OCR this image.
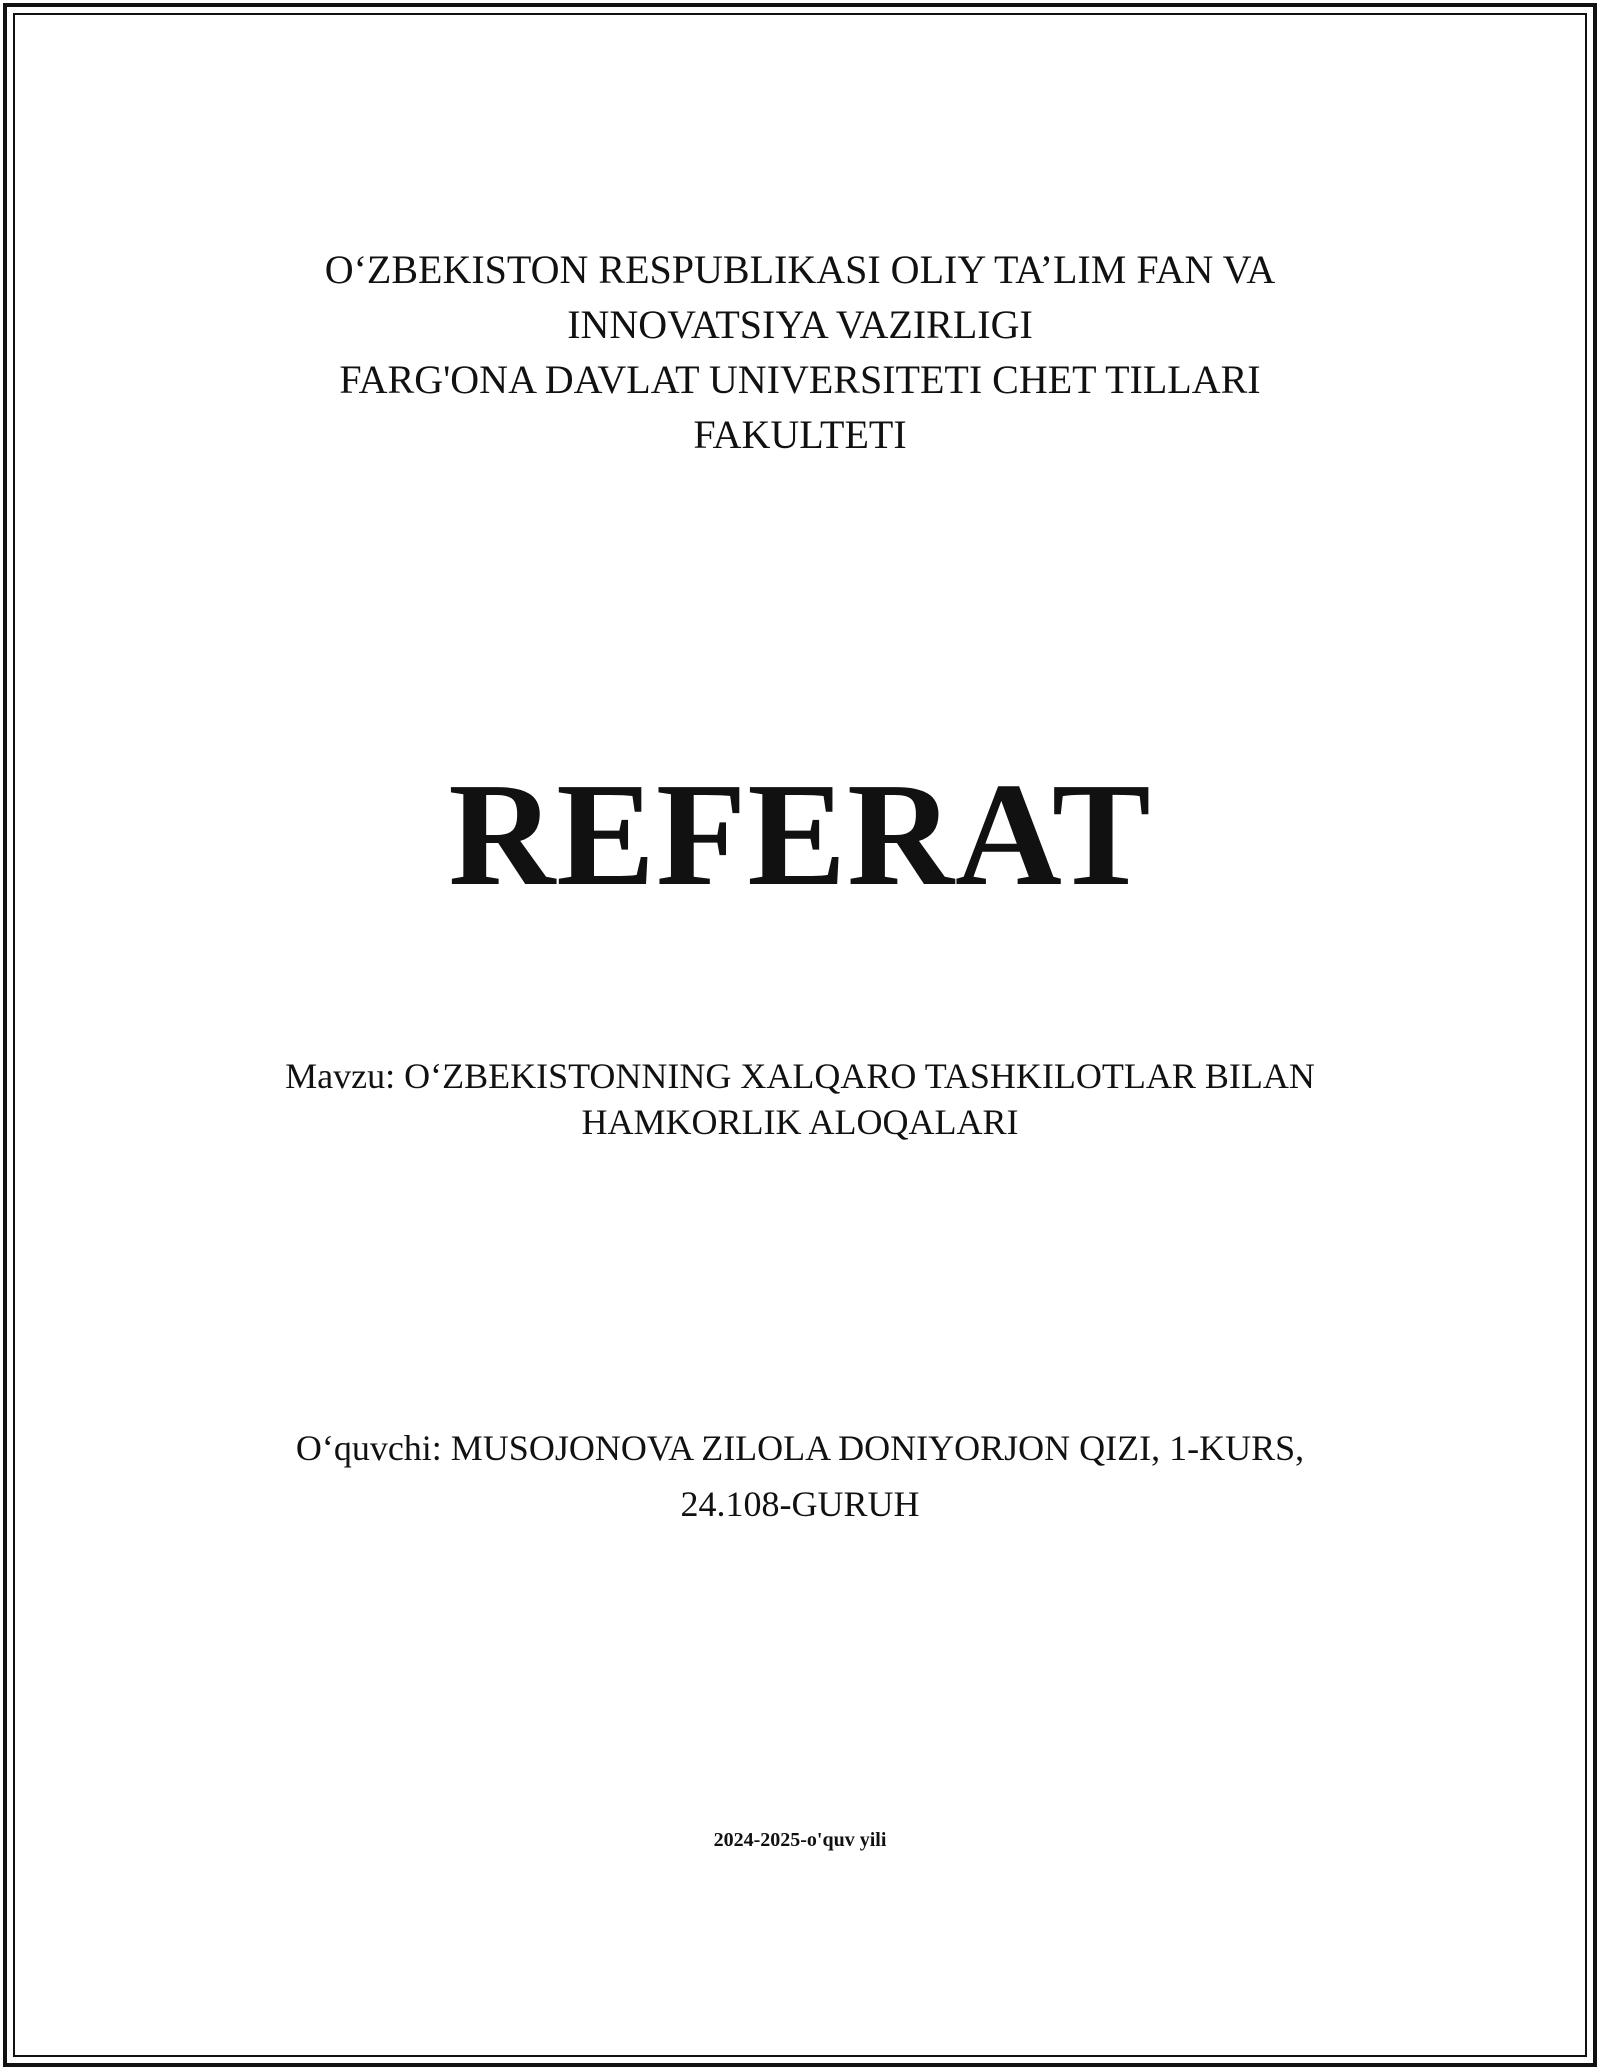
O‘ZBEKISTON RESPUBLIKASI OLIY TA’LIM FAN VA
INNOVATSIYA VAZIRLIGI
FARG'ONA DAVLAT UNIVERSITETI CHET TILLARI
FAKULTETI
REFERAT
Mavzu: O‘ZBEKISTONNING XALQARO TASHKILOTLAR BILAN
HAMKORLIK ALOQALARI
O‘quvchi: MUSOJONOVA ZILOLA DONIYORJON QIZI, 1-KURS,
24.108-GURUH
2024-2025-o'quv yili
